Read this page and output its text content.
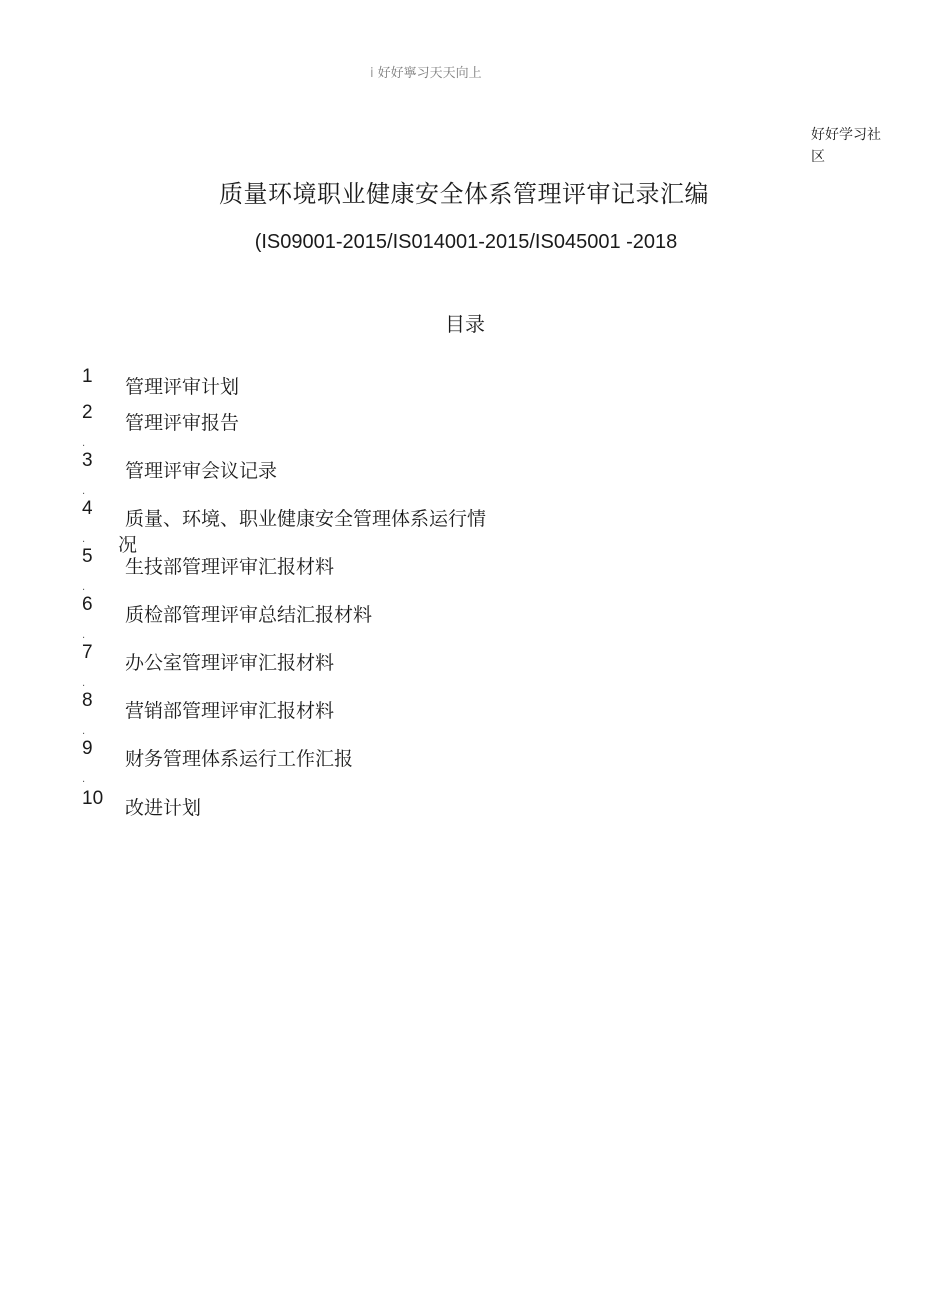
i 好好寧习天天向上
好好学习社区
质量环境职业健康安全体系管理评审记录汇编
(IS09001-2015/IS014001-2015/IS045001 -2018
目录
1 管理评审计划
2
.
管理评审报告
3
.
管理评审会议记录
4
.
质量、环境、职业健康安全管理体系运行情
5
.
生技部管理评审汇报材料
6
.
质检部管理评审总结汇报材料
7
.
办公室管理评审汇报材料
8
.
营销部管理评审汇报材料
9
.
财务管理体系运行工作汇报
10 改进计划
况
